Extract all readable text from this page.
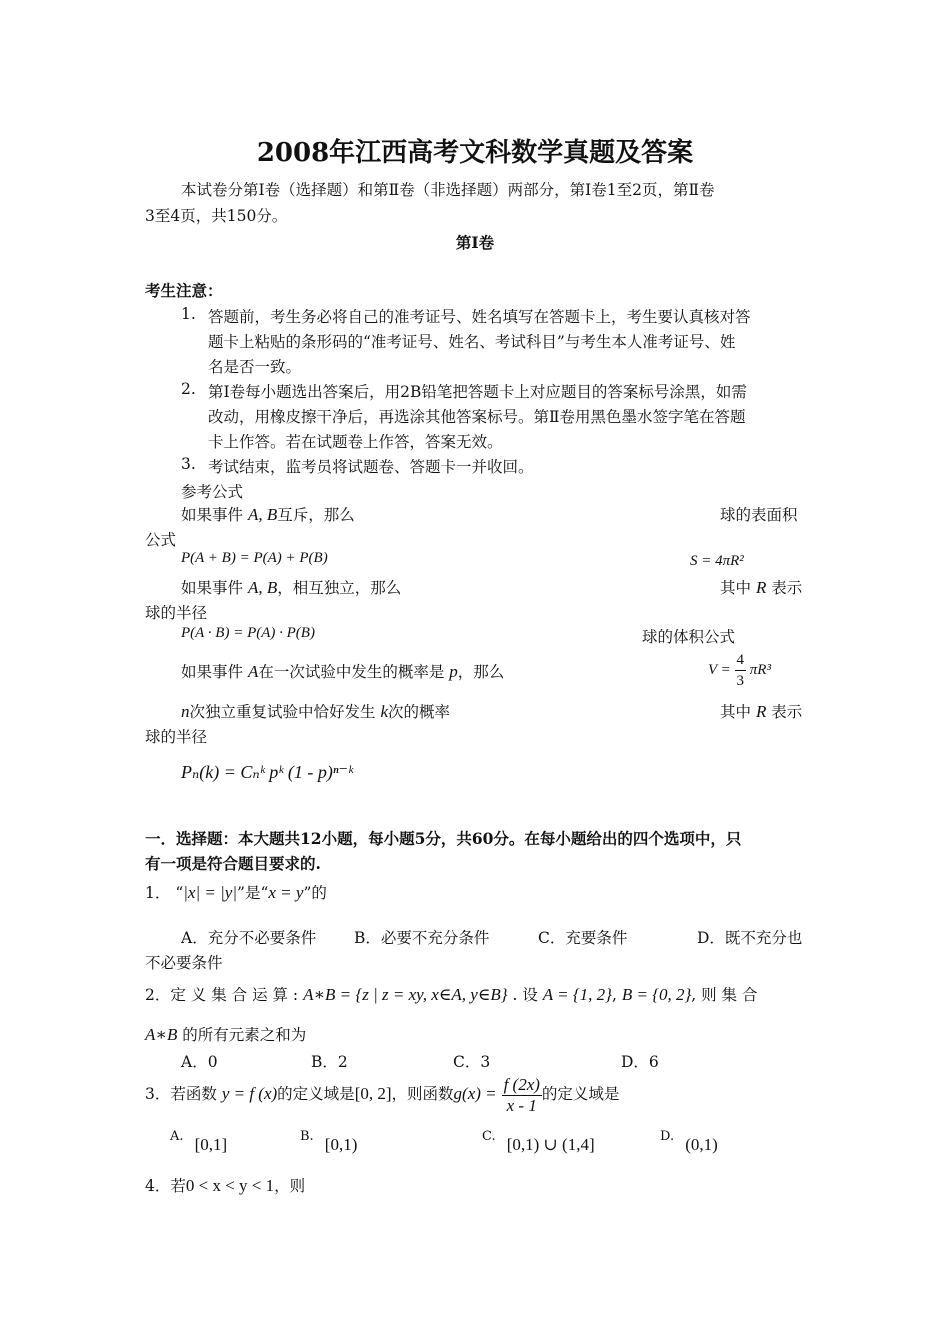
2008年江西高考文科数学真题及答案
本试卷分第Ⅰ卷（选择题）和第Ⅱ卷（非选择题）两部分，第Ⅰ卷1至2页，第Ⅱ卷
3至4页，共150分。
第Ⅰ卷
考生注意：
1. 答题前，考生务必将自己的准考证号、姓名填写在答题卡上，考生要认真核对答
题卡上粘贴的条形码的“准考证号、姓名、考试科目”与考生本人准考证号、姓
名是否一致。
2. 第Ⅰ卷每小题选出答案后，用2B铅笔把答题卡上对应题目的答案标号涂黑，如需
改动，用橡皮擦干净后，再选涂其他答案标号。第Ⅱ卷用黑色墨水签字笔在答题
卡上作答。若在试题卷上作答，答案无效。
3. 考试结束，监考员将试题卷、答题卡一并收回。
参考公式
如果事件 A, B互斥，那么	球的表面积
公式
P(A + B) = P(A) + P(B)	S = 4πR²
如果事件 A, B，相互独立，那么	其中 R 表示
球的半径
P(A · B) = P(A) · P(B)	球的体积公式
如果事件 A在一次试验中发生的概率是 p，那么	$V = \frac{4}{3} \pi R^3$
n次独立重复试验中恰好发生 k次的概率	其中 R 表示
球的半径
Pₙ(k) = Cₙᵏ pᵏ (1 - p)ⁿ⁻ᵏ
一．选择题：本大题共12小题，每小题5分，共60分。在每小题给出的四个选项中，只
有一项是符合题目要求的.
1． “|x| = |y|”是“x = y”的
A．充分不必要条件 B．必要不充分条件	C．充要条件	D．既不充分也
不必要条件
2．定 义 集 合 运 算 : A∗B = {z | z = xy, x∈A, y∈B} . 设 A = {1, 2}, B = {0, 2}, 则 集 合
A∗B 的所有元素之和为
A．0	B．2	C．3	D．6
3．若函数 y = f (x)的定义域是[0, 2]，则函数$g(x) = \frac{f (2x)}{x - 1}$ 的定义域是
A. [0,1]	B. [0,1)	C. [0,1) ∪ (1,4]	D. (0,1)
4．若0 < x < y < 1，则
